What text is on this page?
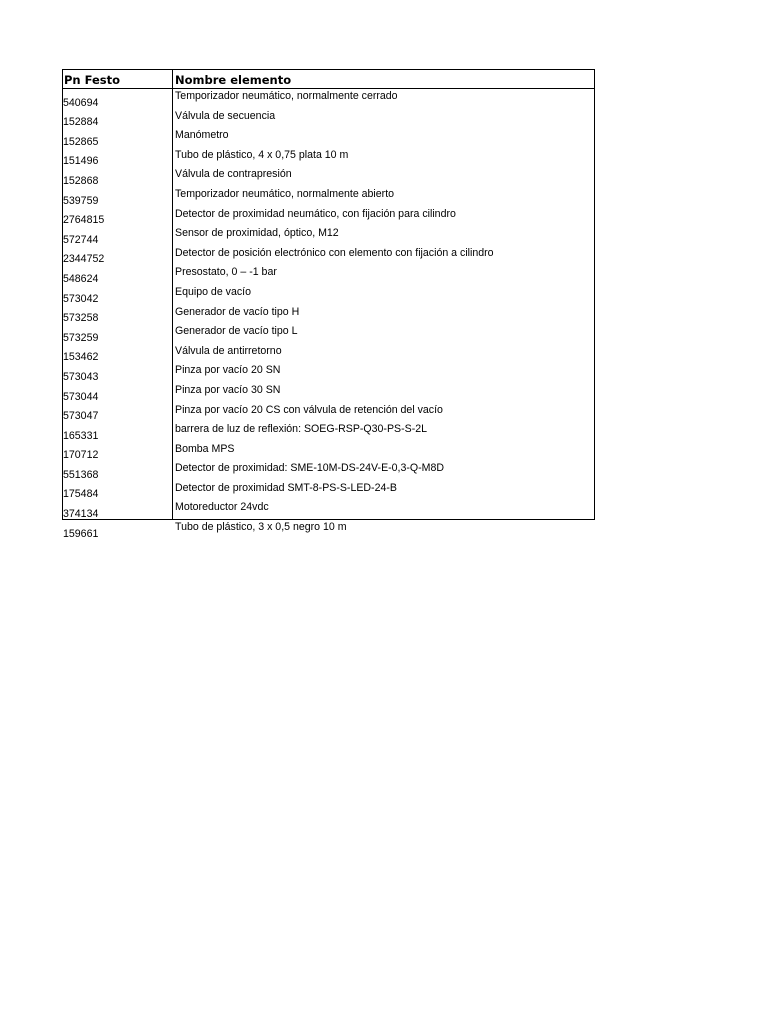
Pn Festo	Nombre elemento
540694	Temporizador neumático, normalmente cerrado
152884	Válvula de secuencia
152865	Manómetro
151496	Tubo de plástico, 4 x 0,75 plata 10 m
152868	Válvula de contrapresión
539759	Temporizador neumático, normalmente abierto
2764815	Detector de proximidad neumático, con fijación para cilindro
572744	Sensor de proximidad, óptico, M12
2344752	Detector de posición electrónico con elemento con fijación a cilindro
548624	Presostato, 0 – -1 bar
573042	Equipo de vacío
573258	Generador de vacío tipo H
573259	Generador de vacío tipo L
153462	Válvula de antirretorno
573043	Pinza por vacío 20 SN
573044	Pinza por vacío 30 SN
573047	Pinza por vacío 20 CS con válvula de retención del vacío
165331	barrera de luz de reflexión: SOEG-RSP-Q30-PS-S-2L
170712	Bomba MPS
551368	Detector de proximidad: SME-10M-DS-24V-E-0,3-Q-M8D
175484	Detector de proximidad SMT-8-PS-S-LED-24-B
374134	Motoreductor 24vdc
159661	Tubo de plástico, 3 x 0,5 negro 10 m
